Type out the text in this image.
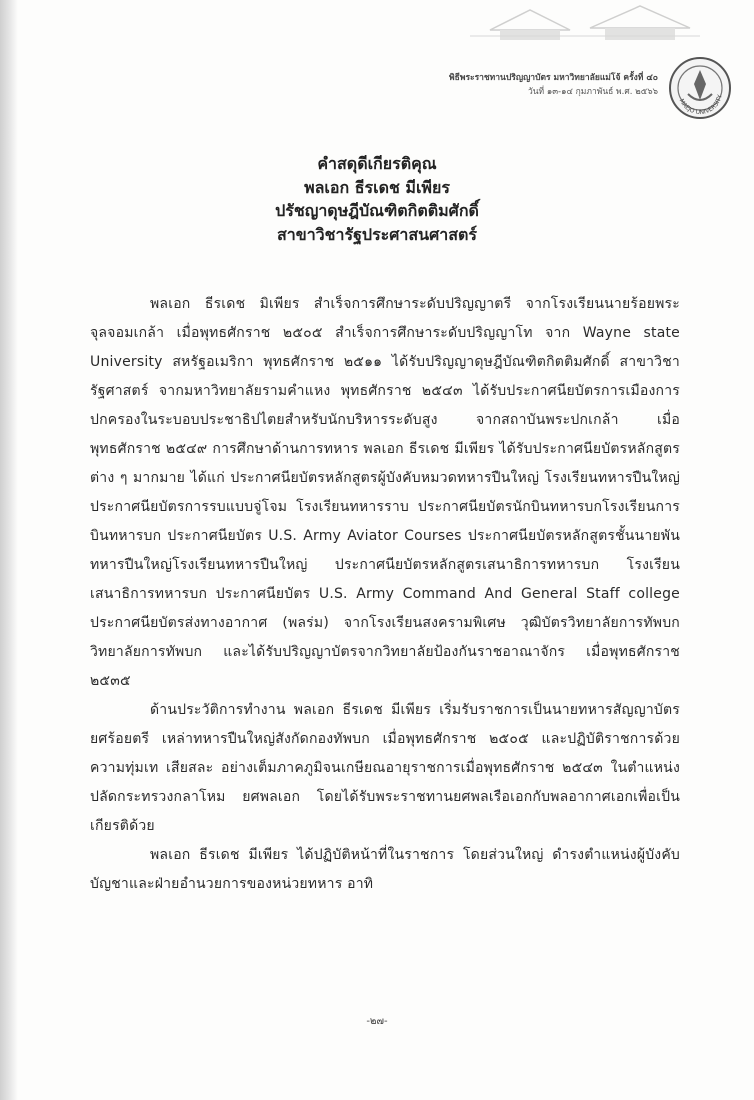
พิธีพระราชทานปริญญาบัตร มหาวิทยาลัยแม่โจ้ ครั้งที่ ๔๐
วันที่ ๑๓-๑๔ กุมภาพันธ์ พ.ศ. ๒๕๖๖
MAEJO UNIVERSITY
คำสดุดีเกียรติคุณ
พลเอก ธีรเดช มีเพียร
ปรัชญาดุษฎีบัณฑิตกิตติมศักดิ์
สาขาวิชารัฐประศาสนศาสตร์

พลเอก ธีรเดช มิเพียร สำเร็จการศึกษาระดับปริญญาตรี จากโรงเรียนนายร้อยพระจุลจอมเกล้า เมื่อพุทธศักราช ๒๕๐๕ สำเร็จการศึกษาระดับปริญญาโท จาก Wayne state University สหรัฐอเมริกา พุทธศักราช ๒๕๑๑ ได้รับปริญญาดุษฎีบัณฑิตกิตติมศักดิ์ สาขาวิชารัฐศาสตร์ จากมหาวิทยาลัยรามคำแหง พุทธศักราช ๒๕๔๓ ได้รับประกาศนียบัตรการเมืองการปกครองในระบอบประชาธิปไตยสำหรับนักบริหารระดับสูง จากสถาบันพระปกเกล้า เมื่อพุทธศักราช ๒๕๔๙ การศึกษาด้านการทหาร พลเอก ธีรเดช มีเพียร ได้รับประกาศนียบัตรหลักสูตรต่าง ๆ มากมาย ได้แก่ ประกาศนียบัตรหลักสูตรผู้บังคับหมวดทหารปืนใหญ่ โรงเรียนทหารปืนใหญ่ ประกาศนียบัตรการรบแบบจู่โจม โรงเรียนทหารราบ ประกาศนียบัตรนักบินทหารบกโรงเรียนการบินทหารบก ประกาศนียบัตร U.S. Army Aviator Courses ประกาศนียบัตรหลักสูตรชั้นนายพันทหารปืนใหญ่โรงเรียนทหารปืนใหญ่ ประกาศนียบัตรหลักสูตรเสนาธิการทหารบก โรงเรียนเสนาธิการทหารบก ประกาศนียบัตร U.S. Army Command And General Staff college ประกาศนียบัตรส่งทางอากาศ (พลร่ม) จากโรงเรียนสงครามพิเศษ วุฒิบัตรวิทยาลัยการทัพบก วิทยาลัยการทัพบก และได้รับปริญญาบัตรจากวิทยาลัยป้องกันราชอาณาจักร เมื่อพุทธศักราช ๒๕๓๕

ด้านประวัติการทำงาน พลเอก ธีรเดช มีเพียร เริ่มรับราชการเป็นนายทหารสัญญาบัตรยศร้อยตรี เหล่าทหารปืนใหญ่สังกัดกองทัพบก เมื่อพุทธศักราช ๒๕๐๕ และปฏิบัติราชการด้วยความทุ่มเท เสียสละ อย่างเต็มภาคภูมิจนเกษียณอายุราชการเมื่อพุทธศักราช ๒๕๔๓ ในตำแหน่งปลัดกระทรวงกลาโหม ยศพลเอก โดยได้รับพระราชทานยศพลเรือเอกกับพลอากาศเอกเพื่อเป็นเกียรติด้วย

พลเอก ธีรเดช มีเพียร ได้ปฏิบัติหน้าที่ในราชการ โดยส่วนใหญ่ ดำรงตำแหน่งผู้บังคับบัญชาและฝ่ายอำนวยการของหน่วยทหาร อาทิ

-๒๗-
